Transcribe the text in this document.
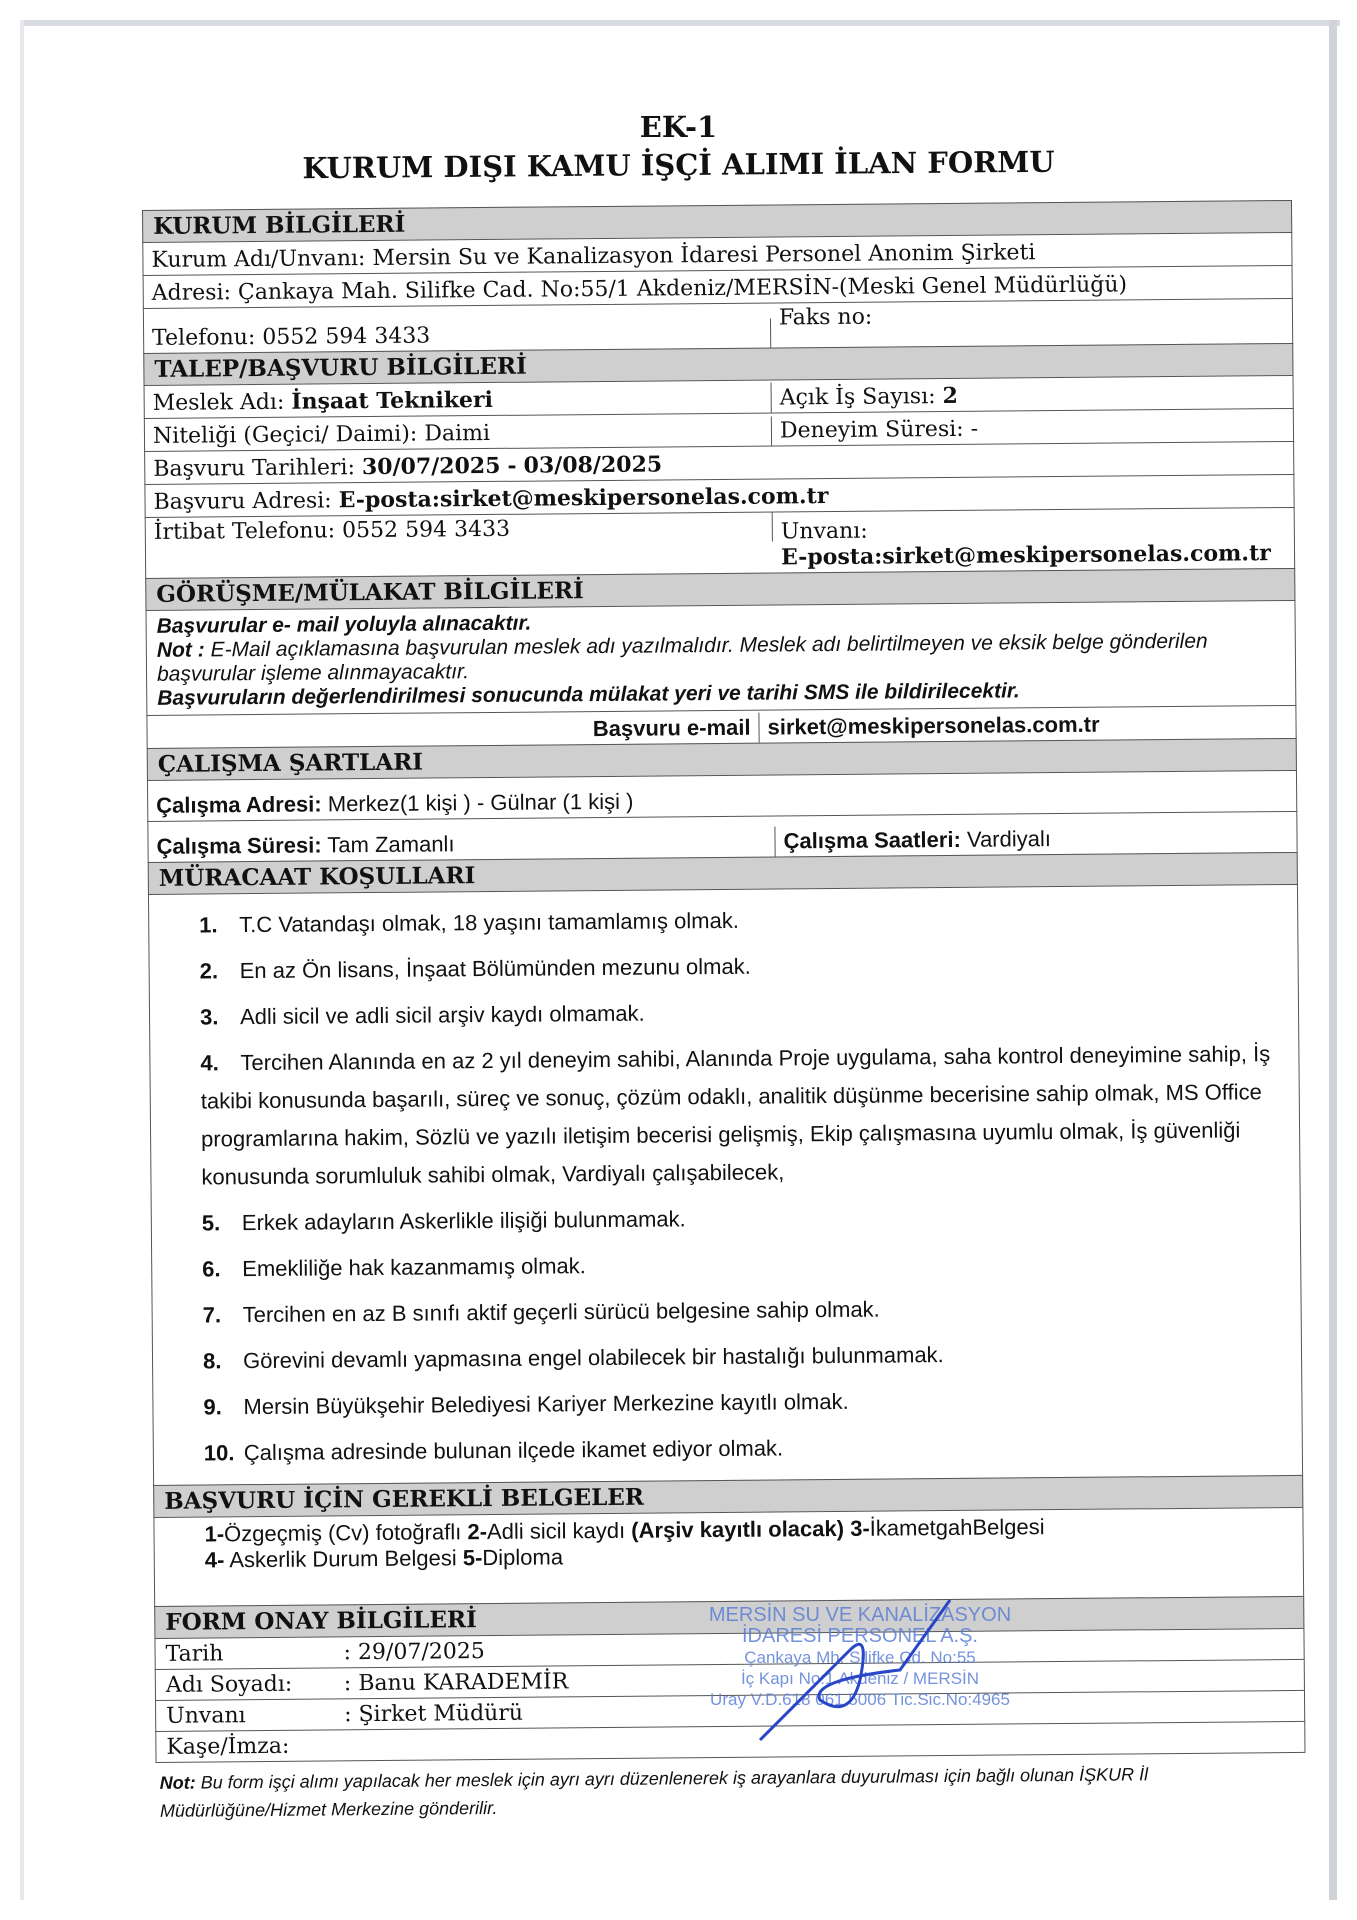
EK-1
KURUM DIŞI KAMU İŞÇİ ALIMI İLAN FORMU
KURUM BİLGİLERİ
Kurum Adı/Unvanı: Mersin Su ve Kanalizasyon İdaresi Personel Anonim Şirketi
Adresi: Çankaya Mah. Silifke Cad. No:55/1 Akdeniz/MERSİN-(Meski Genel Müdürlüğü)
Telefonu: 0552 594 3433
Faks no:
TALEP/BAŞVURU BİLGİLERİ
Meslek Adı: İnşaat Teknikeri	Açık İş Sayısı: 2
Niteliği (Geçici/ Daimi): Daimi	Deneyim Süresi: -
Başvuru Tarihleri: 30/07/2025 - 03/08/2025
Başvuru Adresi: E-posta:sirket@meskipersonelas.com.tr
İrtibat Telefonu: 0552 594 3433	Unvanı:
E-posta:sirket@meskipersonelas.com.tr
GÖRÜŞME/MÜLAKAT BİLGİLERİ
Başvurular e- mail yoluyla alınacaktır.
Not : E-Mail açıklamasına başvurulan meslek adı yazılmalıdır. Meslek adı belirtilmeyen ve eksik belge gönderilen başvurular işleme alınmayacaktır.
Başvuruların değerlendirilmesi sonucunda mülakat yeri ve tarihi SMS ile bildirilecektir.
Başvuru e-mail sirket@meskipersonelas.com.tr
ÇALIŞMA ŞARTLARI
Çalışma Adresi: Merkez(1 kişi ) - Gülnar (1 kişi )
Çalışma Süresi: Tam Zamanlı	Çalışma Saatleri: Vardiyalı
MÜRACAAT KOŞULLARI
1. T.C Vatandaşı olmak, 18 yaşını tamamlamış olmak.
2. En az Ön lisans, İnşaat Bölümünden mezunu olmak.
3. Adli sicil ve adli sicil arşiv kaydı olmamak.
4. Tercihen Alanında en az 2 yıl deneyim sahibi, Alanında Proje uygulama, saha kontrol deneyimine sahip, İş takibi konusunda başarılı, süreç ve sonuç, çözüm odaklı, analitik düşünme becerisine sahip olmak, MS Office programlarına hakim, Sözlü ve yazılı iletişim becerisi gelişmiş, Ekip çalışmasına uyumlu olmak, İş güvenliği konusunda sorumluluk sahibi olmak, Vardiyalı çalışabilecek,
5. Erkek adayların Askerlikle ilişiği bulunmamak.
6. Emekliliğe hak kazanmamış olmak.
7. Tercihen en az B sınıfı aktif geçerli sürücü belgesine sahip olmak.
8. Görevini devamlı yapmasına engel olabilecek bir hastalığı bulunmamak.
9. Mersin Büyükşehir Belediyesi Kariyer Merkezine kayıtlı olmak.
10. Çalışma adresinde bulunan ilçede ikamet ediyor olmak.
BAŞVURU İÇİN GEREKLİ BELGELER
1-Özgeçmiş (Cv) fotoğraflı 2-Adli sicil kaydı (Arşiv kayıtlı olacak) 3-İkametgahBelgesi
4- Askerlik Durum Belgesi 5-Diploma
FORM ONAY BİLGİLERİ
Tarih	: 29/07/2025
Adı Soyadı:	: Banu KARADEMİR
Unvanı	: Şirket Müdürü
Kaşe/İmza:
Not: Bu form işçi alımı yapılacak her meslek için ayrı ayrı düzenlenerek iş arayanlara duyurulması için bağlı olunan İŞKUR İl Müdürlüğüne/Hizmet Merkezine gönderilir.
MERSİN SU VE KANALİZASYON
İDARESİ PERSONEL A.Ş.
Çankaya Mh. Silifke Cd. No:55
İç Kapı No:1 Akdeniz / MERSİN
Uray V.D.618 061 5006 Tic.Sic.No:4965
